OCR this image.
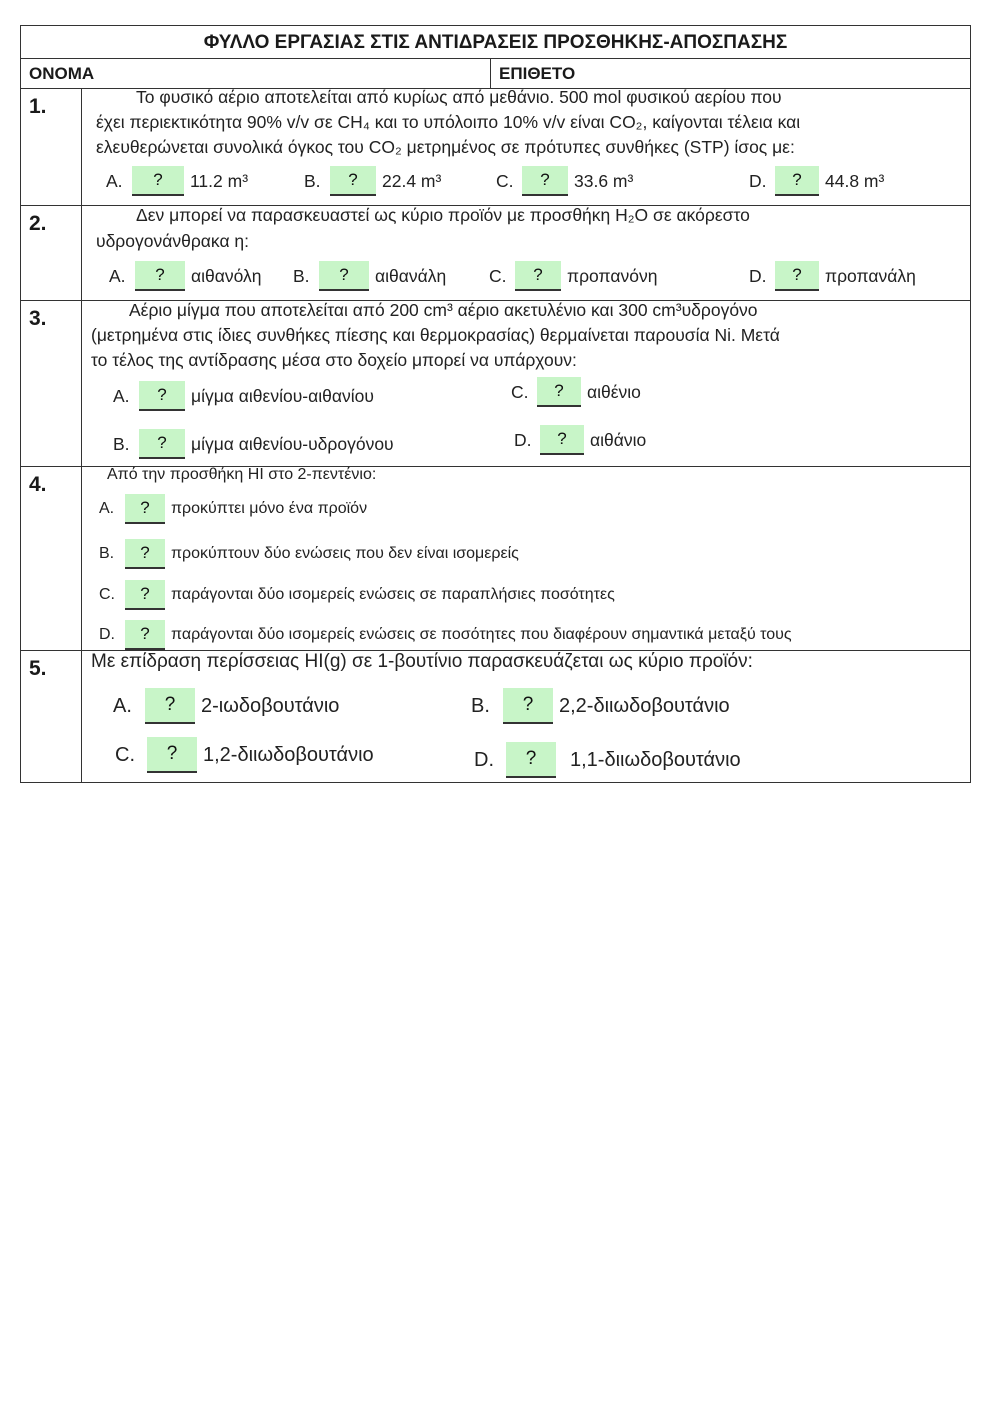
ΦΥΛΛΟ ΕΡΓΑΣΙΑΣ ΣΤΙΣ ΑΝΤΙΔΡΑΣΕΙΣ ΠΡΟΣΘΗΚΗΣ-ΑΠΟΣΠΑΣΗΣ
ΟΝΟΜΑ	ΕΠΙΘΕΤΟ
1.	Το φυσικό αέριο αποτελείται από κυρίως από μεθάνιο. 500 mol φυσικού αερίου που
έχει περιεκτικότητα 90% v/v σε CH₄ και το υπόλοιπο 10% v/v είναι CO₂, καίγονται τέλεια και
ελευθερώνεται συνολικά όγκος του CO₂ μετρημένος σε πρότυπες συνθήκες (STP) ίσος με:
A.	?	11.2 m³	B.	?	22.4 m³	C.	?	33.6 m³	D.	?	44.8 m³
2.	Δεν μπορεί να παρασκευαστεί ως κύριο προϊόν με προσθήκη H₂O σε ακόρεστο
υδρογονάνθρακα η:
A.	?	αιθανόλη B.	?	αιθανάλη C.	?	προπανόνη	D.	?	προπανάλη
3.	Αέριο μίγμα που αποτελείται από 200 cm³ αέριο ακετυλένιο και 300 cm³υδρογόνο
(μετρημένα στις ίδιες συνθήκες πίεσης και θερμοκρασίας) θερμαίνεται παρουσία Ni. Μετά
το τέλος της αντίδρασης μέσα στο δοχείο μπορεί να υπάρχουν:
A.	?	μίγμα αιθενίου-αιθανίου	C.	?	αιθένιο
B.	?	μίγμα αιθενίου-υδρογόνου	D.	?	αιθάνιο
4.	Από την προσθήκη HI στο 2-πεντένιο:
A.	?	προκύπτει μόνο ένα προϊόν
B.	?	προκύπτουν δύο ενώσεις που δεν είναι ισομερείς
C.	?	παράγονται δύο ισομερείς ενώσεις σε παραπλήσιες ποσότητες
D.	?	παράγονται δύο ισομερείς ενώσεις σε ποσότητες που διαφέρουν σημαντικά μεταξύ τους
5. Με επίδραση περίσσειας HI(g) σε 1-βουτίνιο παρασκευάζεται ως κύριο προϊόν:
A.	?	2-ιωδοβουτάνιο	B.	?	2,2-διιωδοβουτάνιο
C.	?	1,2-διιωδοβουτάνιο	D.	?	1,1-διιωδοβουτάνιο
